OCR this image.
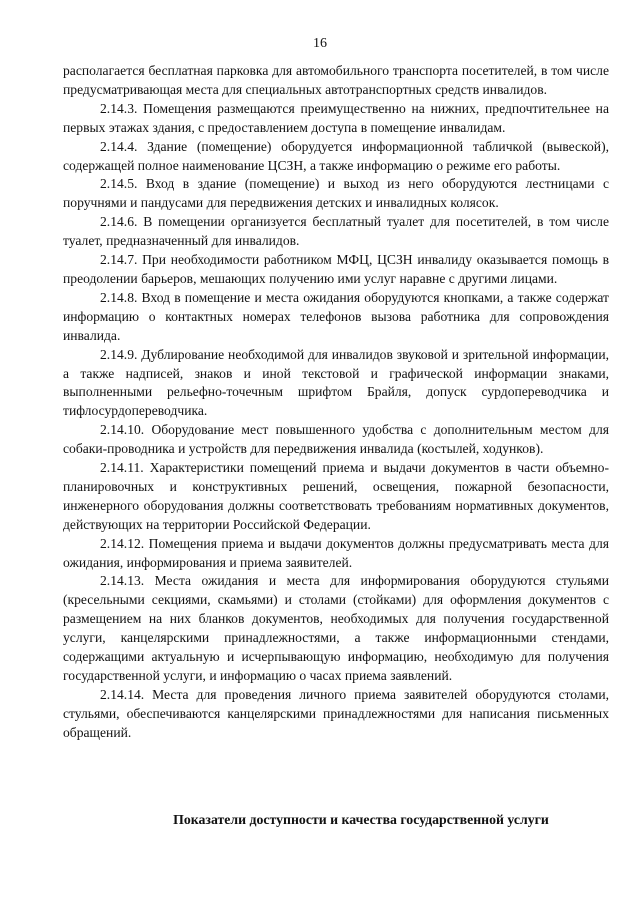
16

располагается бесплатная парковка для автомобильного транспорта посетителей, в том числе предусматривающая места для специальных автотранспортных средств инвалидов.

2.14.3. Помещения размещаются преимущественно на нижних, предпочтительнее на первых этажах здания, с предоставлением доступа в помещение инвалидам.

2.14.4. Здание (помещение) оборудуется информационной табличкой (вывеской), содержащей полное наименование ЦСЗН, а также информацию о режиме его работы.

2.14.5. Вход в здание (помещение) и выход из него оборудуются лестницами с поручнями и пандусами для передвижения детских и инвалидных колясок.

2.14.6. В помещении организуется бесплатный туалет для посетителей, в том числе туалет, предназначенный для инвалидов.

2.14.7. При необходимости работником МФЦ, ЦСЗН инвалиду оказывается помощь в преодолении барьеров, мешающих получению ими услуг наравне с другими лицами.

2.14.8. Вход в помещение и места ожидания оборудуются кнопками, а также содержат информацию о контактных номерах телефонов вызова работника для сопровождения инвалида.

2.14.9. Дублирование необходимой для инвалидов звуковой и зрительной информации, а также надписей, знаков и иной текстовой и графической информации знаками, выполненными рельефно-точечным шрифтом Брайля, допуск сурдопереводчика и тифлосурдопереводчика.

2.14.10. Оборудование мест повышенного удобства с дополнительным местом для собаки-проводника и устройств для передвижения инвалида (костылей, ходунков).

2.14.11. Характеристики помещений приема и выдачи документов в части объемно-планировочных и конструктивных решений, освещения, пожарной безопасности, инженерного оборудования должны соответствовать требованиям нормативных документов, действующих на территории Российской Федерации.

2.14.12. Помещения приема и выдачи документов должны предусматривать места для ожидания, информирования и приема заявителей.

2.14.13. Места ожидания и места для информирования оборудуются стульями (кресельными секциями, скамьями) и столами (стойками) для оформления документов с размещением на них бланков документов, необходимых для получения государственной услуги, канцелярскими принадлежностями, а также информационными стендами, содержащими актуальную и исчерпывающую информацию, необходимую для получения государственной услуги, и информацию о часах приема заявлений.

2.14.14. Места для проведения личного приема заявителей оборудуются столами, стульями, обеспечиваются канцелярскими принадлежностями для написания письменных обращений.

Показатели доступности и качества государственной услуги
